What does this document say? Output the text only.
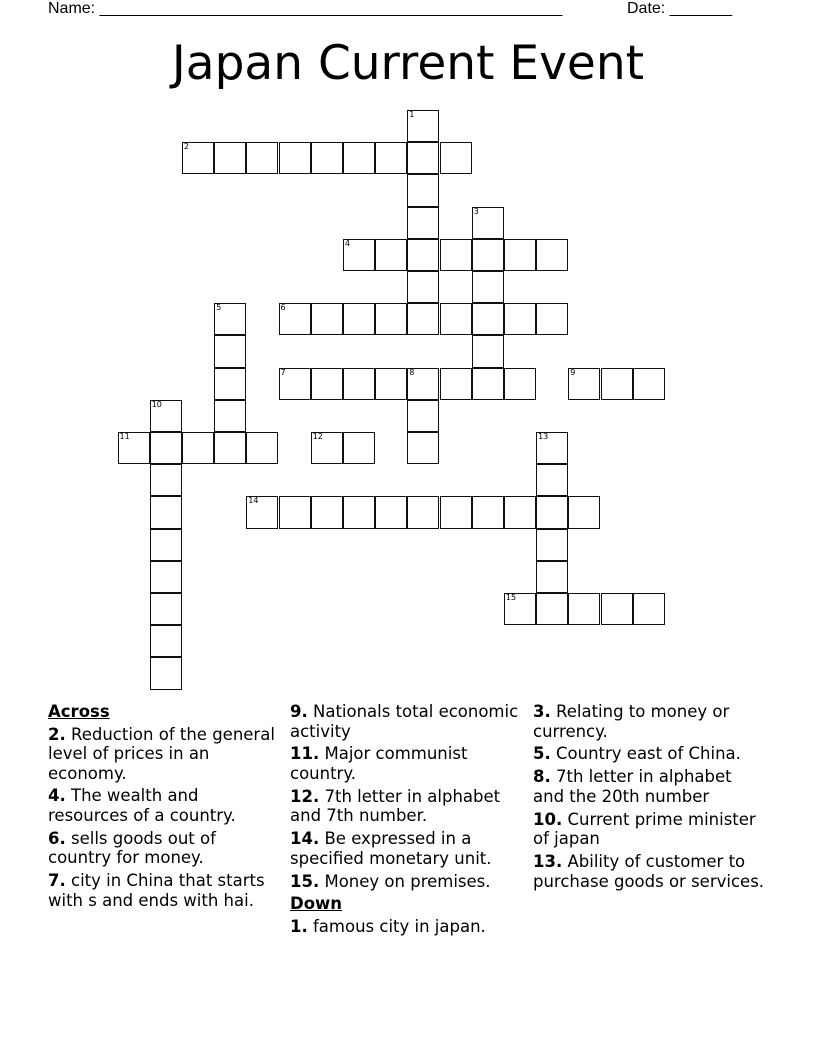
Name: ____________________________________________________	Date: _______
Japan Current Event
1
2
3
4
5	6
7	8	9
10
11	12	13
14
15
Across
2. Reduction of the general level of prices in an economy.
4. The wealth and resources of a country.
6. sells goods out of country for money.
7. city in China that starts with s and ends with hai.
9. Nationals total economic activity
11. Major communist country.
12. 7th letter in alphabet and 7th number.
14. Be expressed in a specified monetary unit.
15. Money on premises.
Down
1. famous city in japan.
3. Relating to money or currency.
5. Country east of China.
8. 7th letter in alphabet and the 20th number
10. Current prime minister of japan
13. Ability of customer to purchase goods or services.
